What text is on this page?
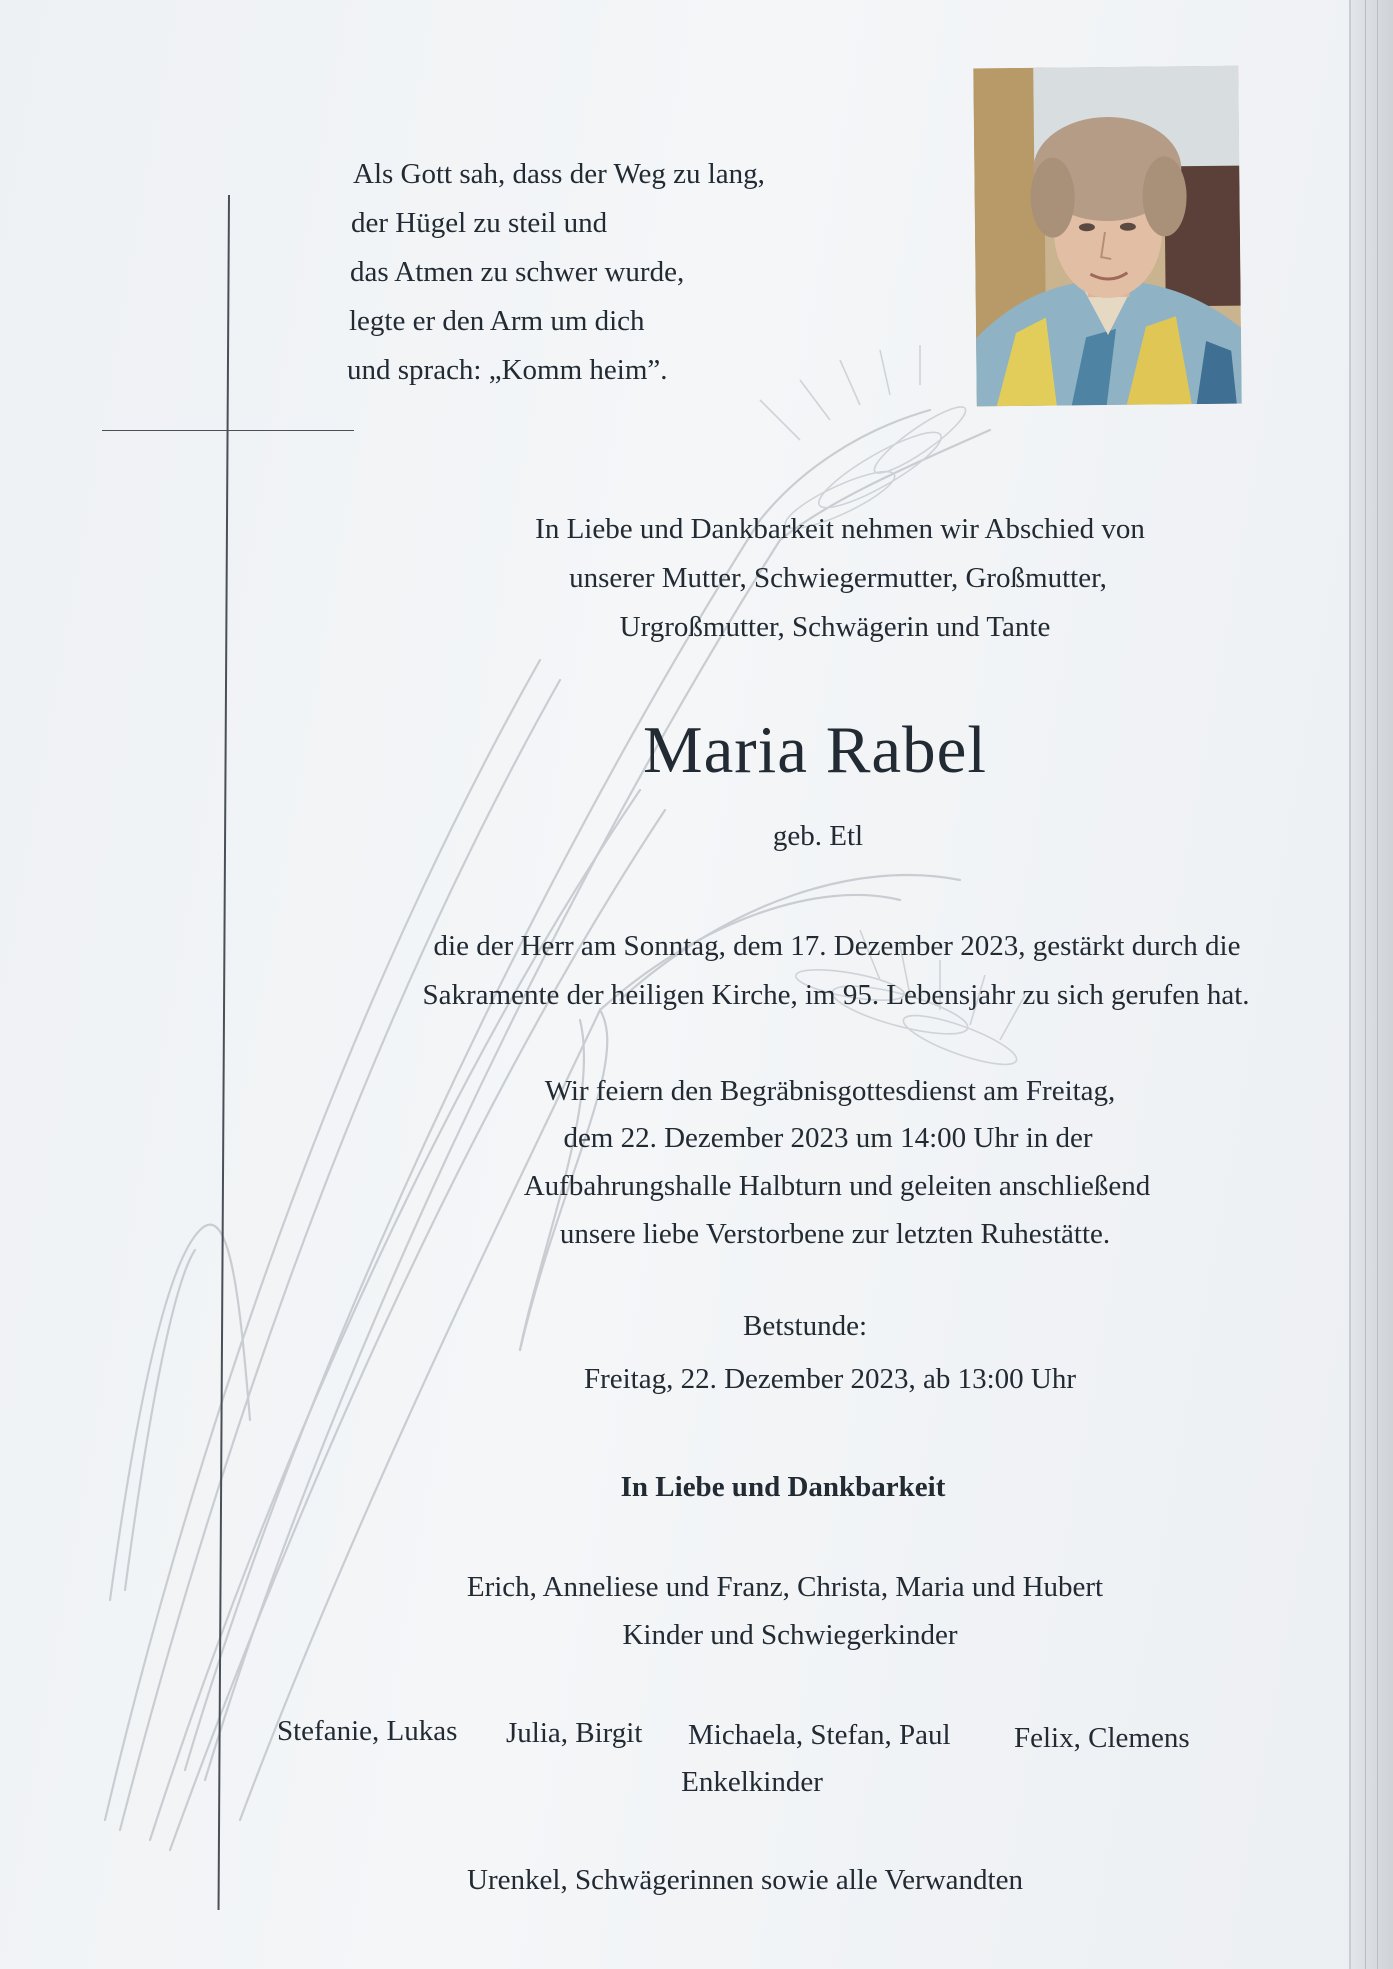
Als Gott sah, dass der Weg zu lang,
der Hügel zu steil und
das Atmen zu schwer wurde,
legte er den Arm um dich
und sprach: „Komm heim”.
In Liebe und Dankbarkeit nehmen wir Abschied von
unserer Mutter, Schwiegermutter, Großmutter,
Urgroßmutter, Schwägerin und Tante
Maria Rabel
geb. Etl
die der Herr am Sonntag, dem 17. Dezember 2023, gestärkt durch die
Sakramente der heiligen Kirche, im 95. Lebensjahr zu sich gerufen hat.
Wir feiern den Begräbnisgottesdienst am Freitag,
dem 22. Dezember 2023 um 14:00 Uhr in der
Aufbahrungshalle Halbturn und geleiten anschließend
unsere liebe Verstorbene zur letzten Ruhestätte.
Betstunde:
Freitag, 22. Dezember 2023, ab 13:00 Uhr
In Liebe und Dankbarkeit
Erich, Anneliese und Franz, Christa, Maria und Hubert
Kinder und Schwiegerkinder
Stefanie, Lukas Julia, Birgit Michaela, Stefan, Paul Felix, Clemens
Enkelkinder
Urenkel, Schwägerinnen sowie alle Verwandten
